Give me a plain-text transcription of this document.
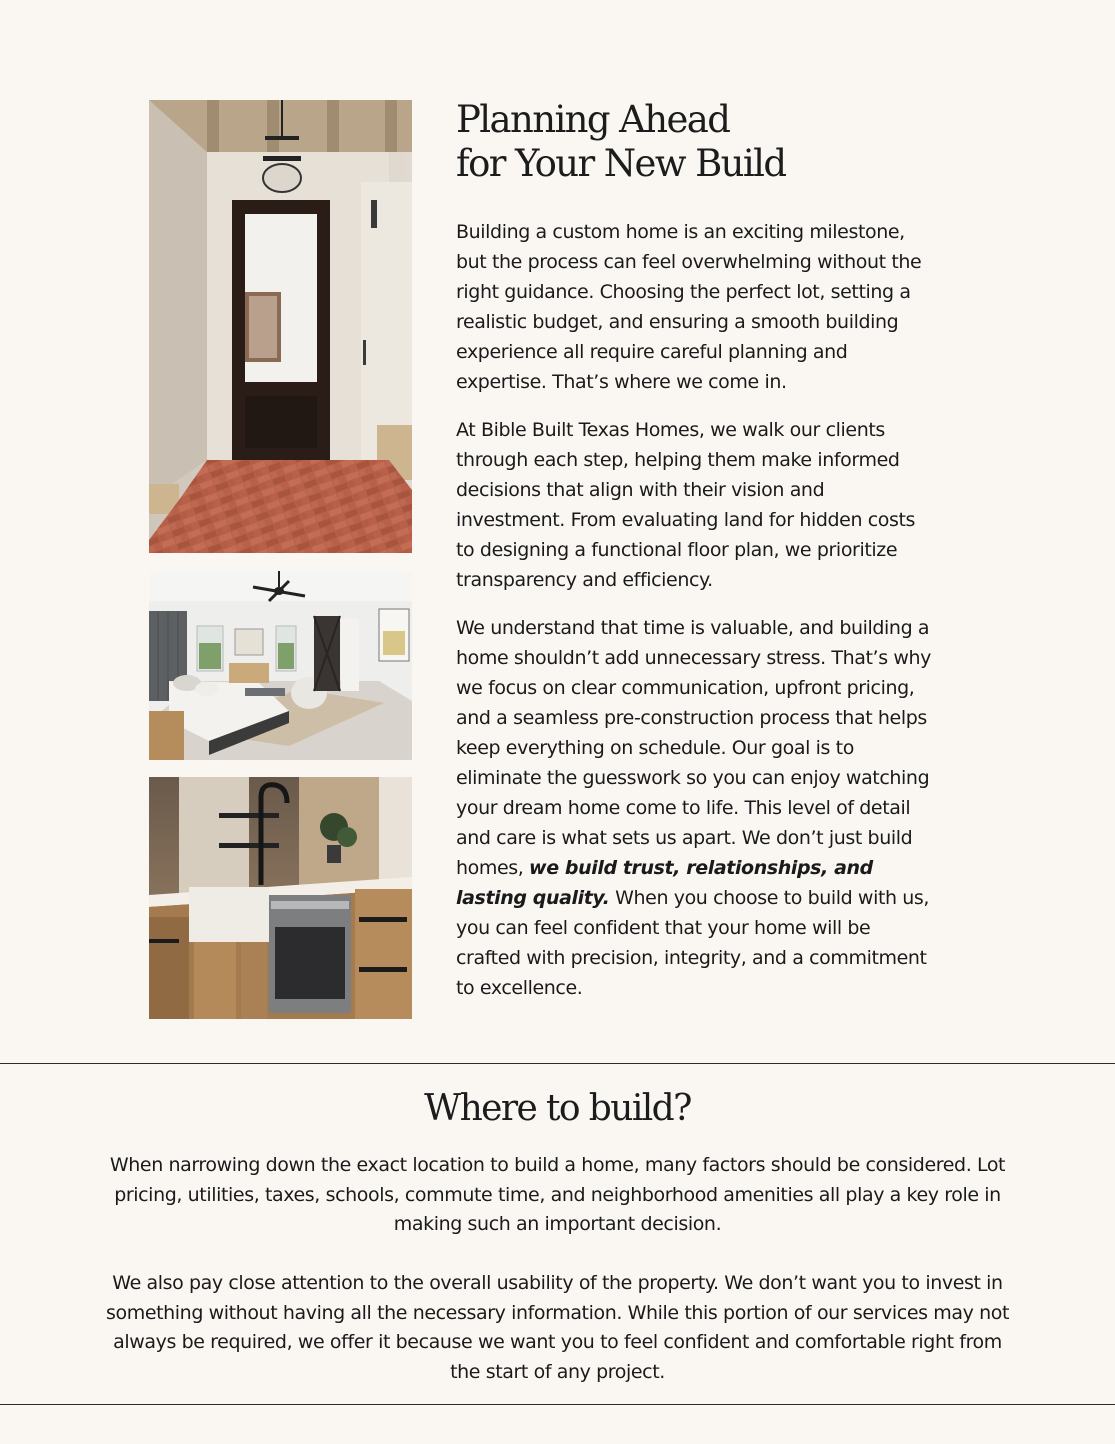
Planning Ahead
for Your New Build

Building a custom home is an exciting milestone, but the process can feel overwhelming without the right guidance. Choosing the perfect lot, setting a realistic budget, and ensuring a smooth building experience all require careful planning and expertise. That’s where we come in.

At Bible Built Texas Homes, we walk our clients through each step, helping them make informed decisions that align with their vision and investment. From evaluating land for hidden costs to designing a functional floor plan, we prioritize transparency and efficiency.

We understand that time is valuable, and building a home shouldn’t add unnecessary stress. That’s why we focus on clear communication, upfront pricing, and a seamless pre-construction process that helps keep everything on schedule. Our goal is to eliminate the guesswork so you can enjoy watching your dream home come to life. This level of detail and care is what sets us apart. We don’t just build homes, we build trust, relationships, and lasting quality. When you choose to build with us, you can feel confident that your home will be crafted with precision, integrity, and a commitment to excellence.

Where to build?

When narrowing down the exact location to build a home, many factors should be considered. Lot pricing, utilities, taxes, schools, commute time, and neighborhood amenities all play a key role in making such an important decision.

We also pay close attention to the overall usability of the property. We don’t want you to invest in something without having all the necessary information. While this portion of our services may not always be required, we offer it because we want you to feel confident and comfortable right from the start of any project.
